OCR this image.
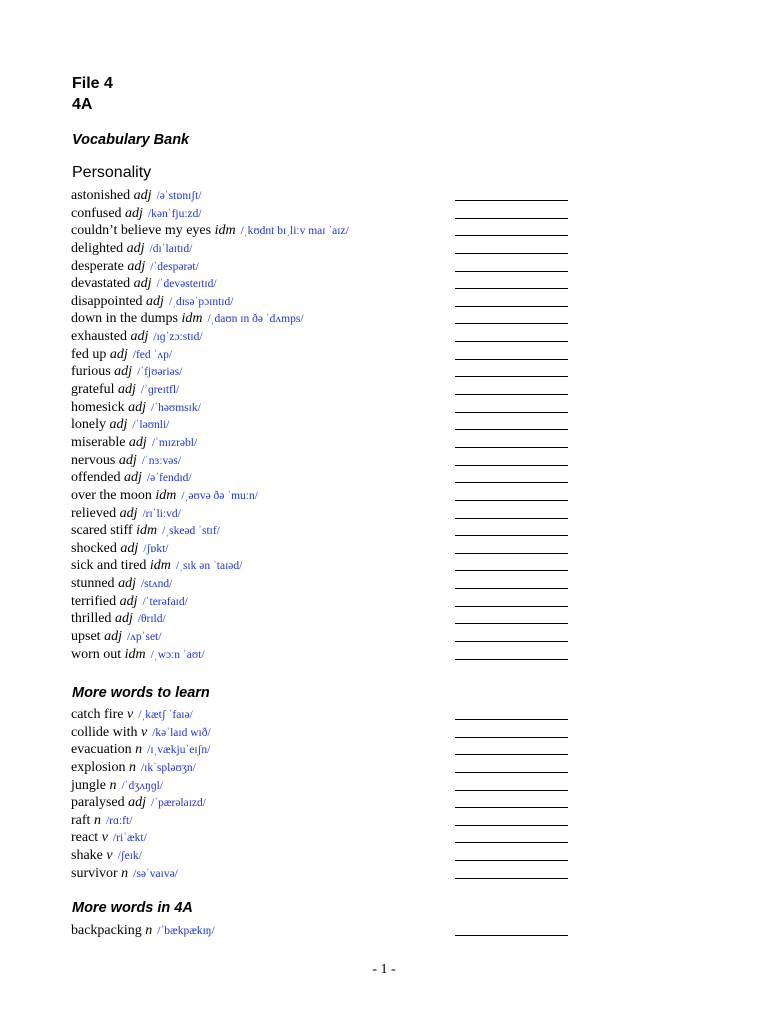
File 4
4A
Vocabulary Bank
Personality
astonished adj /əˈstɒnɪʃt/
confused adj /kənˈfjuːzd/
couldn’t believe my eyes idm /ˌkʊdnt bɪˌliːv maɪ ˈaɪz/
delighted adj /dɪˈlaɪtɪd/
desperate adj /ˈdespərət/
devastated adj /ˈdevəsteɪtɪd/
disappointed adj /ˌdɪsəˈpɔɪntɪd/
down in the dumps idm /ˌdaʊn ɪn ðə ˈdʌmps/
exhausted adj /ɪɡˈzɔːstɪd/
fed up adj /fed ˈʌp/
furious adj /ˈfjʊəriəs/
grateful adj /ˈɡreɪtfl/
homesick adj /ˈhəʊmsɪk/
lonely adj /ˈləʊnli/
miserable adj /ˈmɪzrəbl/
nervous adj /ˈnɜːvəs/
offended adj /əˈfendɪd/
over the moon idm /ˌəʊvə ðə ˈmuːn/
relieved adj /rɪˈliːvd/
scared stiff idm /ˌskeəd ˈstɪf/
shocked adj /ʃɒkt/
sick and tired idm /ˌsɪk ən ˈtaɪəd/
stunned adj /stʌnd/
terrified adj /ˈterəfaɪd/
thrilled adj /θrɪld/
upset adj /ʌpˈset/
worn out idm /ˌwɔːn ˈaʊt/
More words to learn
catch fire v /ˌkætʃ ˈfaɪə/
collide with v /kəˈlaɪd wɪð/
evacuation n /ɪˌvækjuˈeɪʃn/
explosion n /ɪkˈspləʊʒn/
jungle n /ˈdʒʌŋɡl/
paralysed adj /ˈpærəlaɪzd/
raft n /rɑːft/
react v /riˈækt/
shake v /ʃeɪk/
survivor n /səˈvaɪvə/
More words in 4A
backpacking n /ˈbækpækɪŋ/
- 1 -
